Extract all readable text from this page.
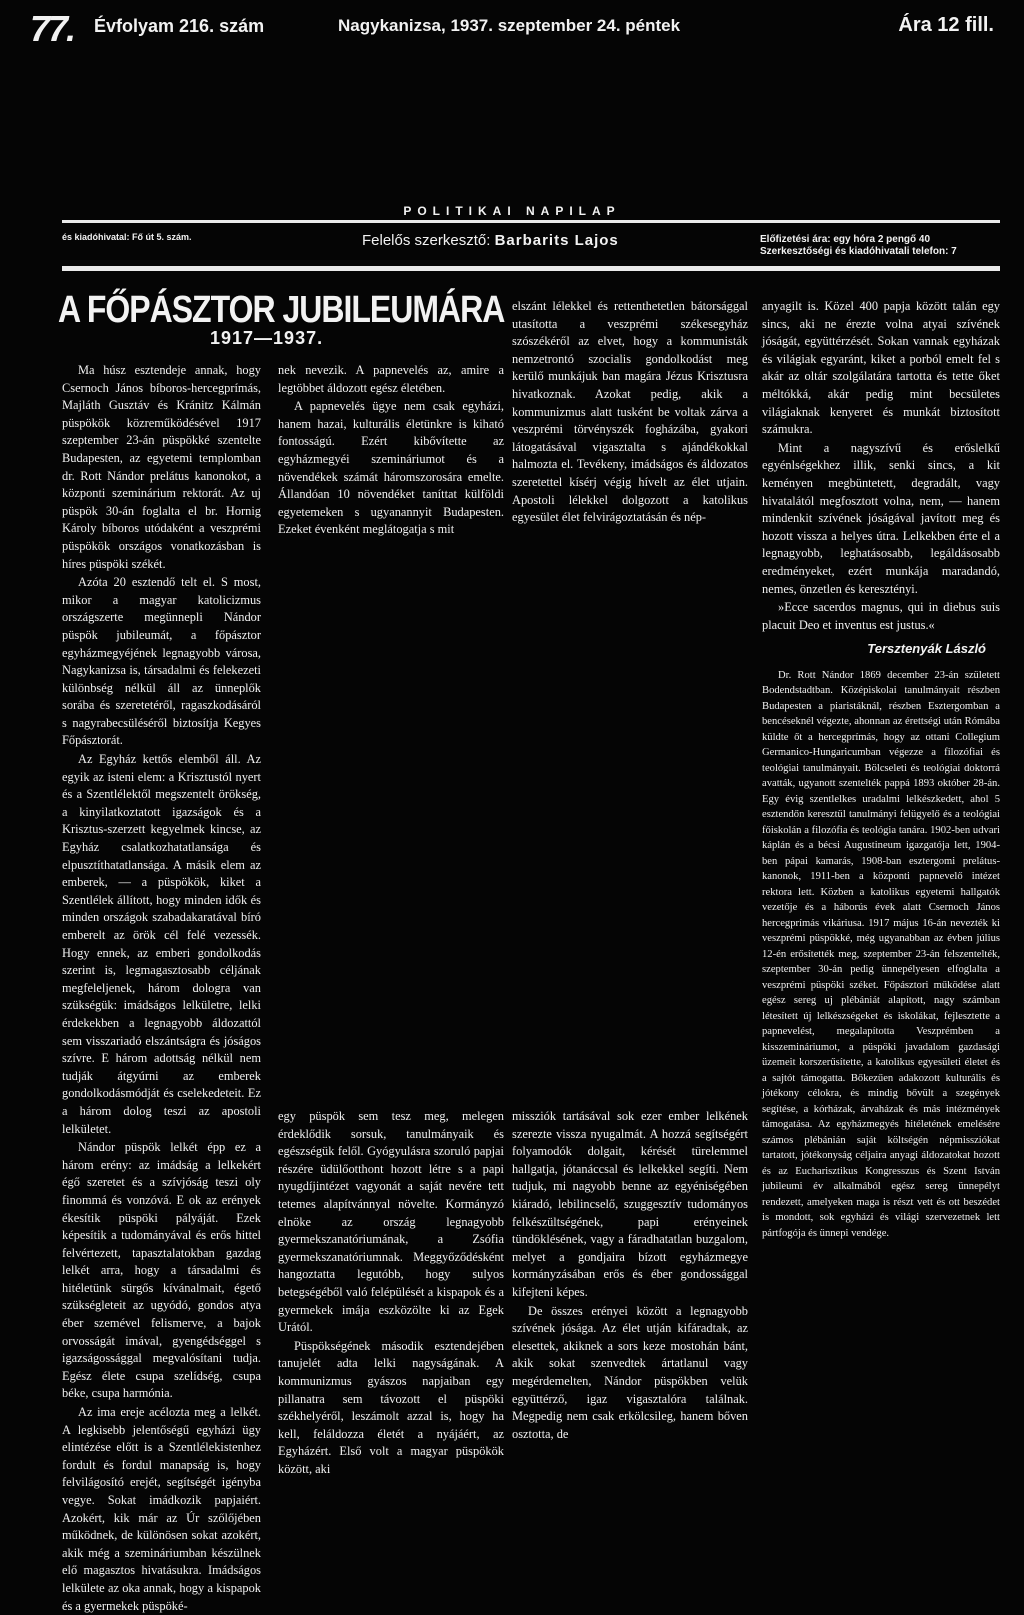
77. Évfolyam 216. szám	Nagykanizsa, 1937. szeptember 24. péntek	Ára 12 fill.
POLITIKAI NAPILAP
és kiadóhivatal: Fő út 5. szám.	Felelős szerkesztő: Barbarits Lajos	Előfizetési ára: egy hóra 2 pengő 40
Szerkesztőségi és kiadóhivatali telefon: 7
A FŐPÁSZTOR JUBILEUMÁRA
1917—1937.

Ma húsz esztendeje annak, hogy Csernoch János bíboros-hercegprímás, Majláth Gusztáv és Kránitz Kálmán püspökök közreműködésével 1917 szeptember 23-án püspökké szentelte Budapesten, az egyetemi templomban dr. Rott Nándor prelátus kanonokot, a központi szeminárium rektorát. Az uj püspök 30-án foglalta el br. Hornig Károly bíboros utódaként a veszprémi püspökök országos vonatkozásban is híres püspöki székét.

Azóta 20 esztendő telt el. S most, mikor a magyar katolicizmus országszerte megünnepli Nándor püspök jubileumát, a főpásztor egyházmegyéjének legnagyobb városa, Nagykanizsa is, társadalmi és felekezeti különbség nélkül áll az ünneplők sorába és szeretetéről, ragaszkodásáról s nagyrabecsüléséről biztosítja Kegyes Főpásztorát.

Az Egyház kettős elemből áll. Az egyik az isteni elem: a Krisztustól nyert és a Szentlélektől megszentelt örökség, a kinyilatkoztatott igazságok és a Krisztus-szerzett kegyelmek kincse, az Egyház csalatkozhatatlansága és elpusztíthatatlansága. A másik elem az emberek, — a püspökök, kiket a Szentlélek állított, hogy minden idők és minden országok szabadakaratával bíró emberelt az örök cél felé vezessék. Hogy ennek, az emberi gondolkodás szerint is, legmagasztosabb céljának megfeleljenek, három dologra van szükségük: imádságos lelkületre, lelki érdekekben a legnagyobb áldozattól sem visszariadó elszántságra és jóságos szívre. E három adottság nélkül nem tudják átgyúrni az emberek gondolkodásmódját és cselekedeteit. Ez a három dolog teszi az apostoli lelkületet.

Nándor püspök lelkét épp ez a három erény: az imádság a lelkekért égő szeretet és a szívjóság teszi oly finommá és vonzóvá. E ok az erények ékesítik püspöki pályáját. Ezek képesítik a tudományával és erős hittel felvértezett, tapasztalatokban gazdag lelkét arra, hogy a társadalmi és hitéletünk sürgős kívánalmait, égető szükségleteit az ugyódó, gondos atya éber szemével felismerve, a bajok orvosságát imával, gyengédséggel s igazságossággal megvalósítani tudja. Egész élete csupa szelídség, csupa béke, csupa harmónia.

Az ima ereje acélozta meg a lelkét. A legkisebb jelentőségű egyházi ügy elintézése előtt is a Szentlélekistenhez fordult és fordul manapság is, hogy felvilágosító erejét, segítségét igényba vegye. Sokat imádkozik papjaiért. Azokért, kik már az Úr szőlőjében működnek, de különösen sokat azokért, akik még a szemináriumban készülnek elő magasztos hivatásukra. Imádságos lelkülete az oka annak, hogy a kispapok és a gyermekek püspöké-

nek nevezik. A papnevelés az, amire a legtöbbet áldozott egész életében.

A papnevelés ügye nem csak egyházi, hanem hazai, kulturális életünkre is kiható fontosságú. Ezért kibővítette az egyházmegyéi szemináriumot és a növendékek számát háromszorosára emelte. Állandóan 10 növendéket taníttat külföldi egyetemeken s ugyanannyit Budapesten. Ezeket évenként meglátogatja s mit

elszánt lélekkel és rettenthetetlen bátorsággal utasította a veszprémi székesegyház szószékéről az elvet, hogy a kommunisták nemzetrontó szocialis gondolkodást meg kerülő munkájuk ban magára Jézus Krisztusra hivatkoznak. Azokat pedig, akik a kommunizmus alatt tusként be voltak zárva a veszprémi törvényszék fogházába, gyakori látogatásával vigasztalta s ajándékokkal halmozta el. Tevékeny, imádságos és áldozatos szeretettel kísérj végig hívelt az élet utjain. Apostoli lélekkel dolgozott a katolikus egyesület élet felvirágoztatásán és nép-

anyagilt is. Közel 400 papja között talán egy sincs, aki ne érezte volna atyai szívének jóságát, együttérzését. Sokan vannak egyházak és világiak egyaránt, kiket a porból emelt fel s akár az oltár szolgálatára tartotta és tette őket méltókká, akár pedig mint becsületes világiaknak kenyeret és munkát biztosított számukra.

Mint a nagyszívű és erőslelkű egyénlségekhez illik, senki sincs, a kit keményen megbüntetett, degradált, vagy hivatalától megfosztott volna, nem, — hanem mindenkit szívének jóságával javított meg és hozott vissza a helyes útra. Lelkekben érte el a legnagyobb, leghatásosabb, legáldásosabb eredményeket, ezért munkája maradandó, nemes, önzetlen és keresztényi.

»Ecce sacerdos magnus, qui in diebus suis placuit Deo et inventus est justus.«

Tersztenyák László

Dr. Rott Nándor 1869 december 23-án született Bodendstadtban. Középiskolai tanulmányait részben Budapesten a piaristáknál, részben Esztergomban a bencéseknél végezte, ahonnan az érettségi után Rómába küldte őt a hercegprímás, hogy az ottani Collegium Germanico-Hungaricumban végezze a filozófiai és teológiai tanulmányait. Bölcseleti és teológiai doktorrá avatták, ugyanott szentelték pappá 1893 október 28-án. Egy évig szentlelkes uradalmi lelkészkedett, ahol 5 esztendőn keresztül tanulmányi felügyelő és a teológiai főiskolán a filozófia és teológia tanára. 1902-ben udvari káplán és a bécsi Augustineum igazgatója lett, 1904-ben pápai kamarás, 1908-ban esztergomi prelátus-kanonok, 1911-ben a központi papnevelő intézet rektora lett. Közben a katolikus egyetemi hallgatók vezetője és a háborús évek alatt Csernoch János hercegprímás vikáriusa. 1917 május 16-án nevezték ki veszprémi püspökké, még ugyanabban az évben július 12-én erősítették meg, szeptember 23-án felszentelték, szeptember 30-án pedig ünnepélyesen elfoglalta a veszprémi püspöki széket. Főpásztori működése alatt egész sereg uj plébániát alapított, nagy számban létesített új lelkészségeket és iskolákat, fejlesztette a papnevelést, megalapította Veszprémben a kisszemináriumot, a püspöki javadalom gazdasági üzemeit korszerűsítette, a katolikus egyesületi életet és a sajtót támogatta. Bőkezűen adakozott kulturális és jótékony célokra, és mindig bővült a szegények segítése, a kórházak, árvaházak és más intézmények támogatása. Az egyházmegyés hitéletének emelésére számos plébánián saját költségén népmissziókat tartatott, jótékonyság céljaira anyagi áldozatokat hozott és az Eucharisztikus Kongresszus és Szent István jubileumi év alkalmából egész sereg ünnepélyt rendezett, amelyeken maga is részt vett és ott beszédet is mondott, sok egyházi és világi szervezetnek lett pártfogója és ünnepi vendége.

egy püspök sem tesz meg, melegen érdeklődik sorsuk, tanulmányaik és egészségük felől. Gyógyulásra szoruló papjai részére üdülőotthont hozott létre s a papi nyugdíjintézet vagyonát a saját nevére tett tetemes alapítvánnyal növelte. Kormányzó elnöke az ország legnagyobb gyermekszanatóriumának, a Zsófia gyermekszanatóriumnak. Meggyőződésként hangoztatta legutóbb, hogy sulyos betegségéből való felépülését a kispapok és a gyermekek imája eszközölte ki az Egek Urától.

Püspökségének második esztendejében tanujelét adta lelki nagyságának. A kommunizmus gyászos napjaiban egy pillanatra sem távozott el püspöki székhelyéről, leszámolt azzal is, hogy ha kell, feláldozza életét a nyájáért, az Egyházért. Első volt a magyar püspökök között, aki

missziók tartásával sok ezer ember lelkének szerezte vissza nyugalmát. A hozzá segítségért folyamodók dolgait, kérését türelemmel hallgatja, jótanáccsal és lelkekkel segíti. Nem tudjuk, mi nagyobb benne az egyéniségében kiáradó, lebilincselő, szuggesztív tudományos felkészültségének, papi erényeinek tündöklésének, vagy a fáradhatatlan buzgalom, melyet a gondjaira bízott egyházmegye kormányzásában erős és éber gondossággal kifejteni képes.

De összes erényei között a legnagyobb szívének jósága. Az élet utján kifáradtak, az elesettek, akiknek a sors keze mostohán bánt, akik sokat szenvedtek ártatlanul vagy megérdemelten, Nándor püspökben velük együttérző, igaz vigasztalóra találnak. Megpedig nem csak erkölcsileg, hanem bőven osztotta, de
